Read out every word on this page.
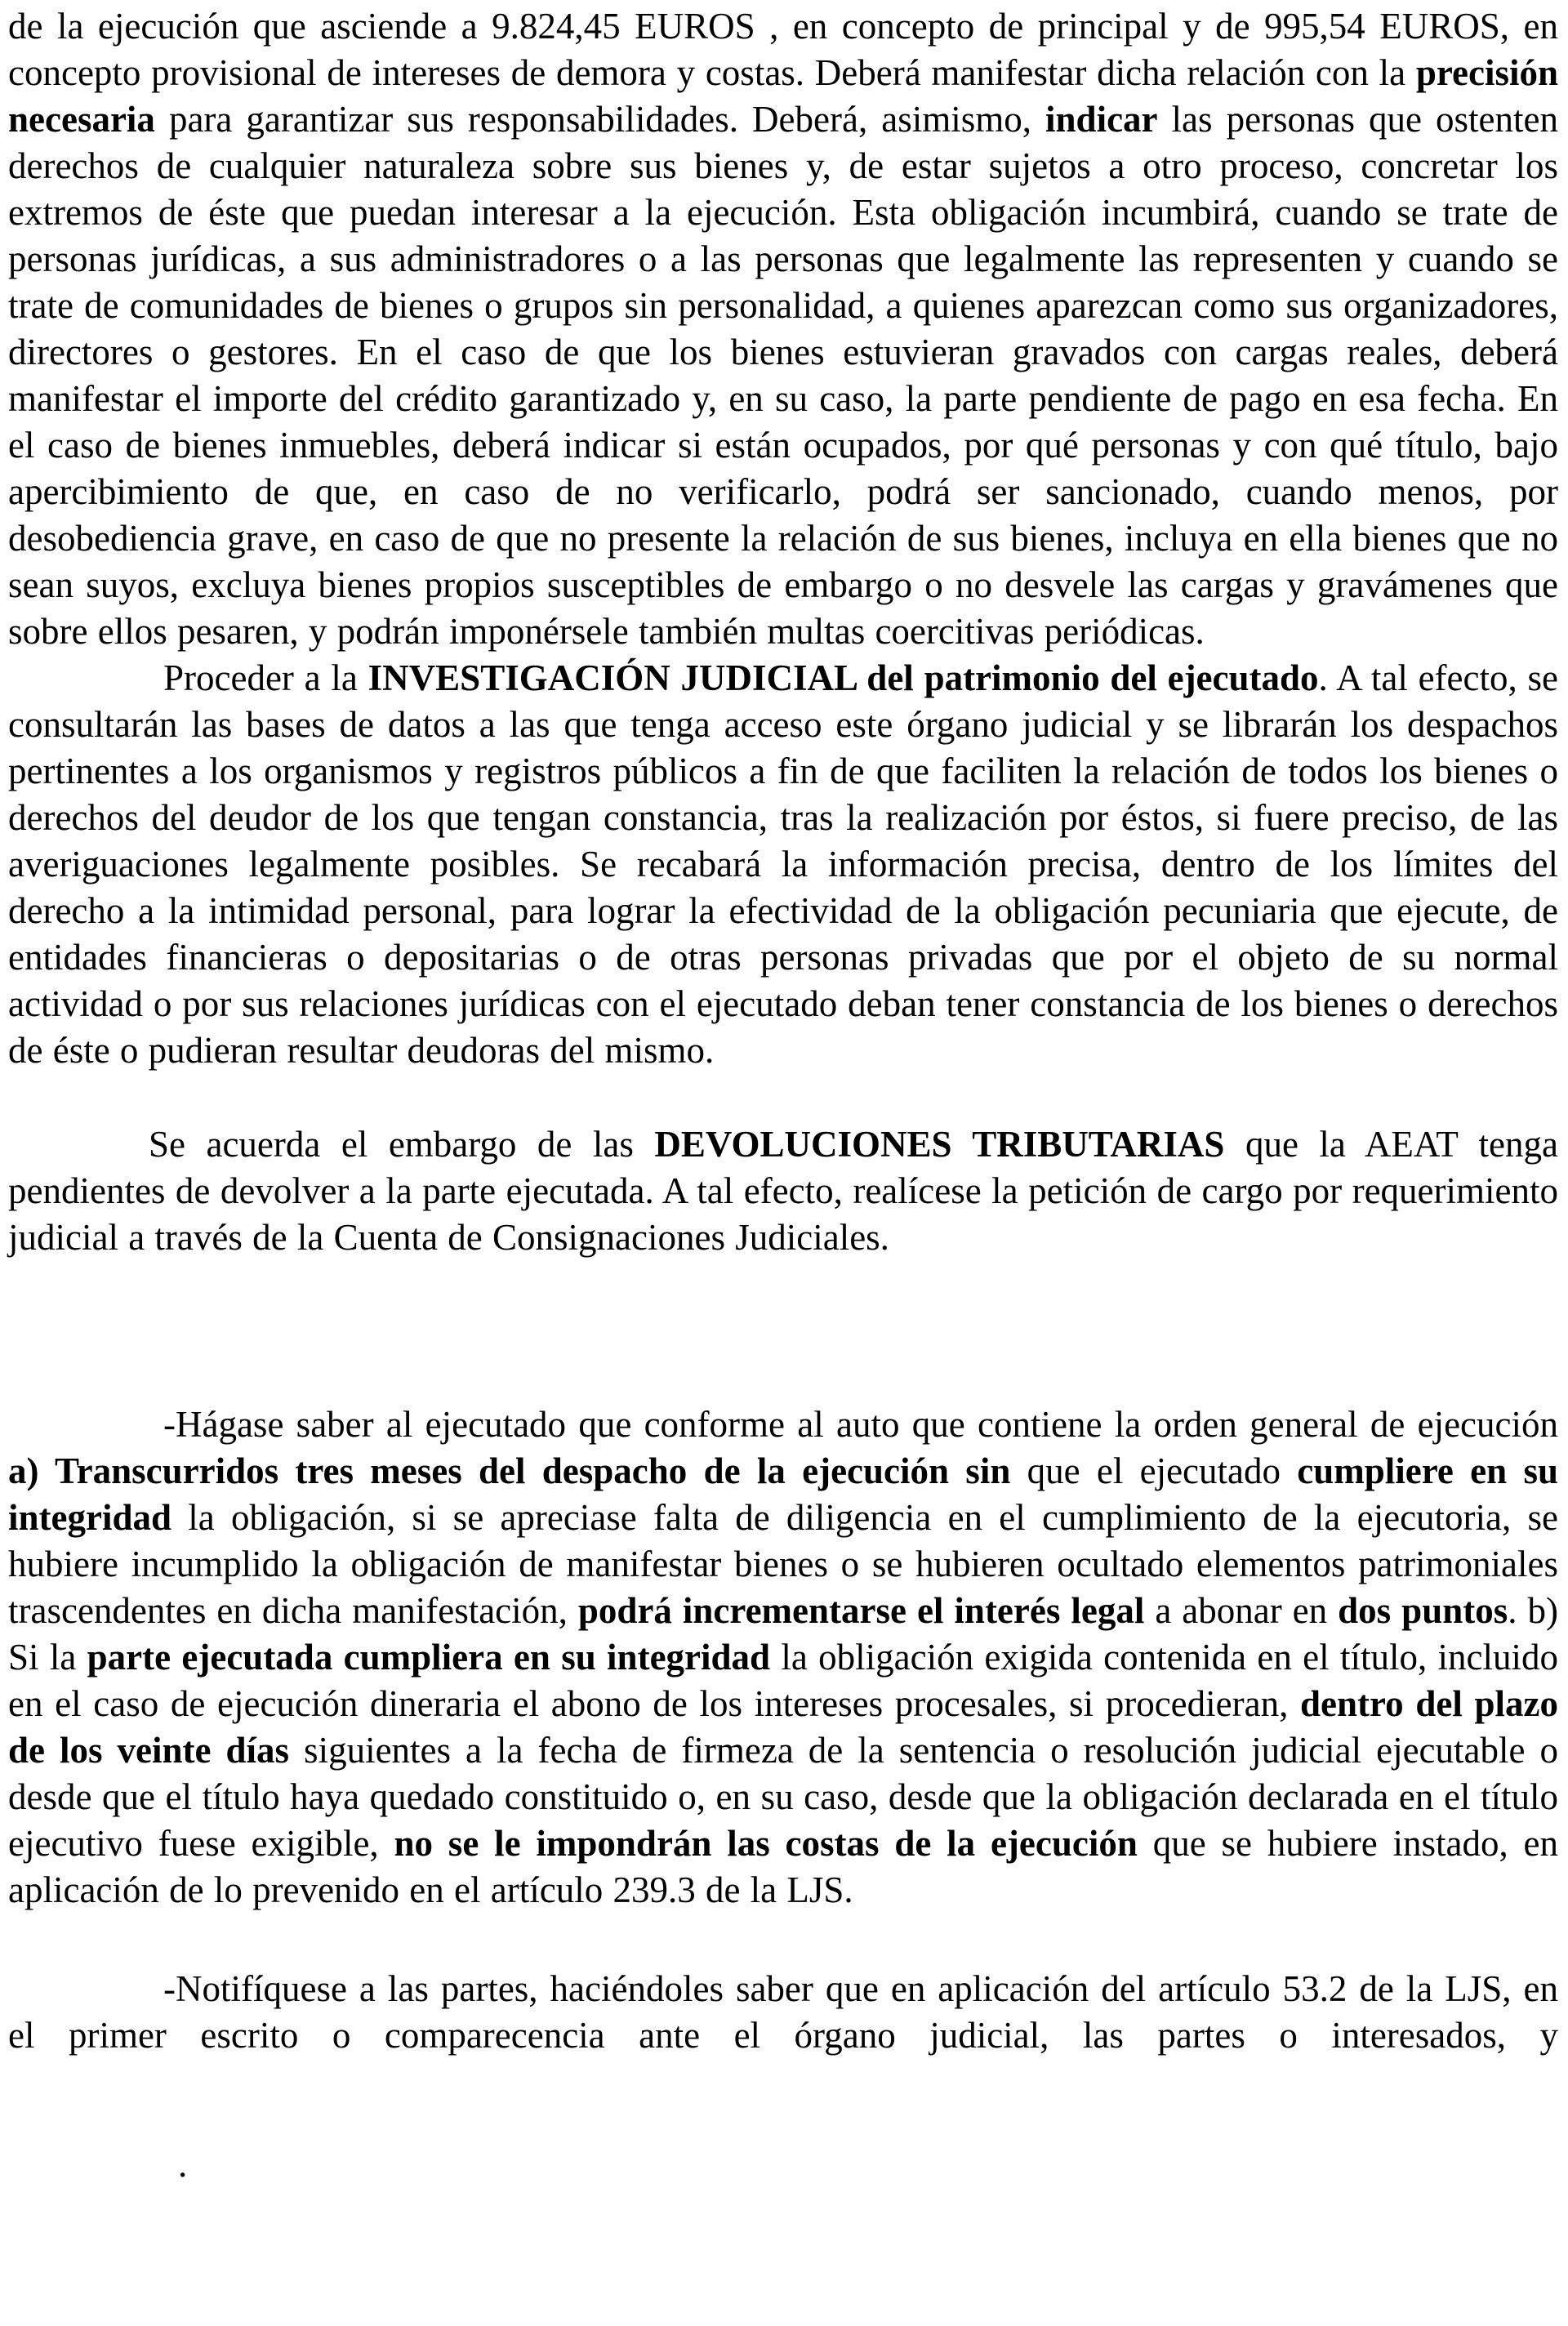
de la ejecución que asciende a 9.824,45 EUROS , en concepto de principal y de 995,54 EUROS, en concepto provisional de intereses de demora y costas. Deberá manifestar dicha relación con la precisión necesaria para garantizar sus responsabilidades. Deberá, asimismo, indicar las personas que ostenten derechos de cualquier naturaleza sobre sus bienes y, de estar sujetos a otro proceso, concretar los extremos de éste que puedan interesar a la ejecución. Esta obligación incumbirá, cuando se trate de personas jurídicas, a sus administradores o a las personas que legalmente las representen y cuando se trate de comunidades de bienes o grupos sin personalidad, a quienes aparezcan como sus organizadores, directores o gestores. En el caso de que los bienes estuvieran gravados con cargas reales, deberá manifestar el importe del crédito garantizado y, en su caso, la parte pendiente de pago en esa fecha. En el caso de bienes inmuebles, deberá indicar si están ocupados, por qué personas y con qué título, bajo apercibimiento de que, en caso de no verificarlo, podrá ser sancionado, cuando menos, por desobediencia grave, en caso de que no presente la relación de sus bienes, incluya en ella bienes que no sean suyos, excluya bienes propios susceptibles de embargo o no desvele las cargas y gravámenes que sobre ellos pesaren, y podrán imponérsele también multas coercitivas periódicas.

Proceder a la INVESTIGACIÓN JUDICIAL del patrimonio del ejecutado. A tal efecto, se consultarán las bases de datos a las que tenga acceso este órgano judicial y se librarán los despachos pertinentes a los organismos y registros públicos a fin de que faciliten la relación de todos los bienes o derechos del deudor de los que tengan constancia, tras la realización por éstos, si fuere preciso, de las averiguaciones legalmente posibles. Se recabará la información precisa, dentro de los límites del derecho a la intimidad personal, para lograr la efectividad de la obligación pecuniaria que ejecute, de entidades financieras o depositarias o de otras personas privadas que por el objeto de su normal actividad o por sus relaciones jurídicas con el ejecutado deban tener constancia de los bienes o derechos de éste o pudieran resultar deudoras del mismo.

Se acuerda el embargo de las DEVOLUCIONES TRIBUTARIAS que la AEAT tenga pendientes de devolver a la parte ejecutada. A tal efecto, realícese la petición de cargo por requerimiento judicial a través de la Cuenta de Consignaciones Judiciales.

-Hágase saber al ejecutado que conforme al auto que contiene la orden general de ejecución a) Transcurridos tres meses del despacho de la ejecución sin que el ejecutado cumpliere en su integridad la obligación, si se apreciase falta de diligencia en el cumplimiento de la ejecutoria, se hubiere incumplido la obligación de manifestar bienes o se hubieren ocultado elementos patrimoniales trascendentes en dicha manifestación, podrá incrementarse el interés legal a abonar en dos puntos. b) Si la parte ejecutada cumpliera en su integridad la obligación exigida contenida en el título, incluido en el caso de ejecución dineraria el abono de los intereses procesales, si procedieran, dentro del plazo de los veinte días siguientes a la fecha de firmeza de la sentencia o resolución judicial ejecutable o desde que el título haya quedado constituido o, en su caso, desde que la obligación declarada en el título ejecutivo fuese exigible, no se le impondrán las costas de la ejecución que se hubiere instado, en aplicación de lo prevenido en el artículo 239.3 de la LJS.

.

-Notifíquese a las partes, haciéndoles saber que en aplicación del artículo 53.2 de la LJS, en el primer escrito o comparecencia ante el órgano judicial, las partes o interesados, y
